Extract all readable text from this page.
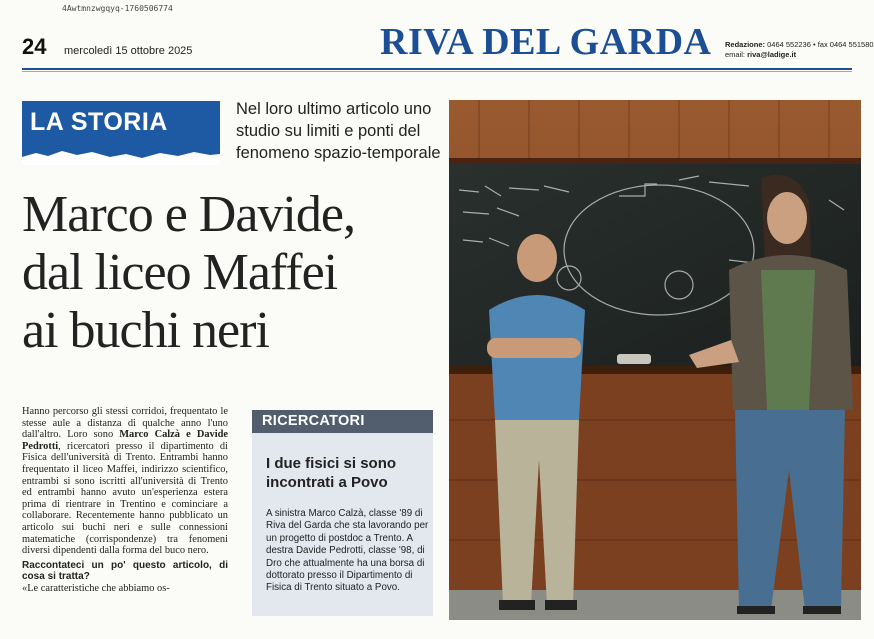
4Awtmnzwgqyq-1760506774
24 mercoledì 15 ottobre 2025	RIVA DEL GARDA Redazione: 0464 552236 • fax 0464 551580
email: riva@ladige.it
LA STORIA	Nel loro ultimo articolo uno studio su limiti e ponti del fenomeno spazio-temporale
Marco e Davide,
dal liceo Maffei
ai buchi neri
Hanno percorso gli stessi corridoi, frequentato le stesse aule a distanza di qualche anno l'uno dall'altro. Loro sono Marco Calzà e Davide Pedrotti, ricercatori presso il dipartimento di Fisica dell'università di Trento. Entrambi hanno frequentato il liceo Maffei, indirizzo scientifico, entrambi si sono iscritti all'università di Trento ed entrambi hanno avuto un'esperienza estera prima di rientrare in Trentino e cominciare a collaborare. Recentemente hanno pubblicato un articolo sui buchi neri e sulle connessioni matematiche (corrispondenze) tra fenomeni diversi dipendenti dalla forma del buco nero.
Raccontateci un po' questo articolo, di cosa si tratta?
«Le caratteristiche che abbiamo os-
RICERCATORI
I due fisici si sono incontrati a Povo
A sinistra Marco Calzà, classe '89 di Riva del Garda che sta lavorando per un progetto di postdoc a Trento. A destra Davide Pedrotti, classe '98, di Dro che attualmente ha una borsa di dottorato presso il Dipartimento di Fisica di Trento situato a Povo.
